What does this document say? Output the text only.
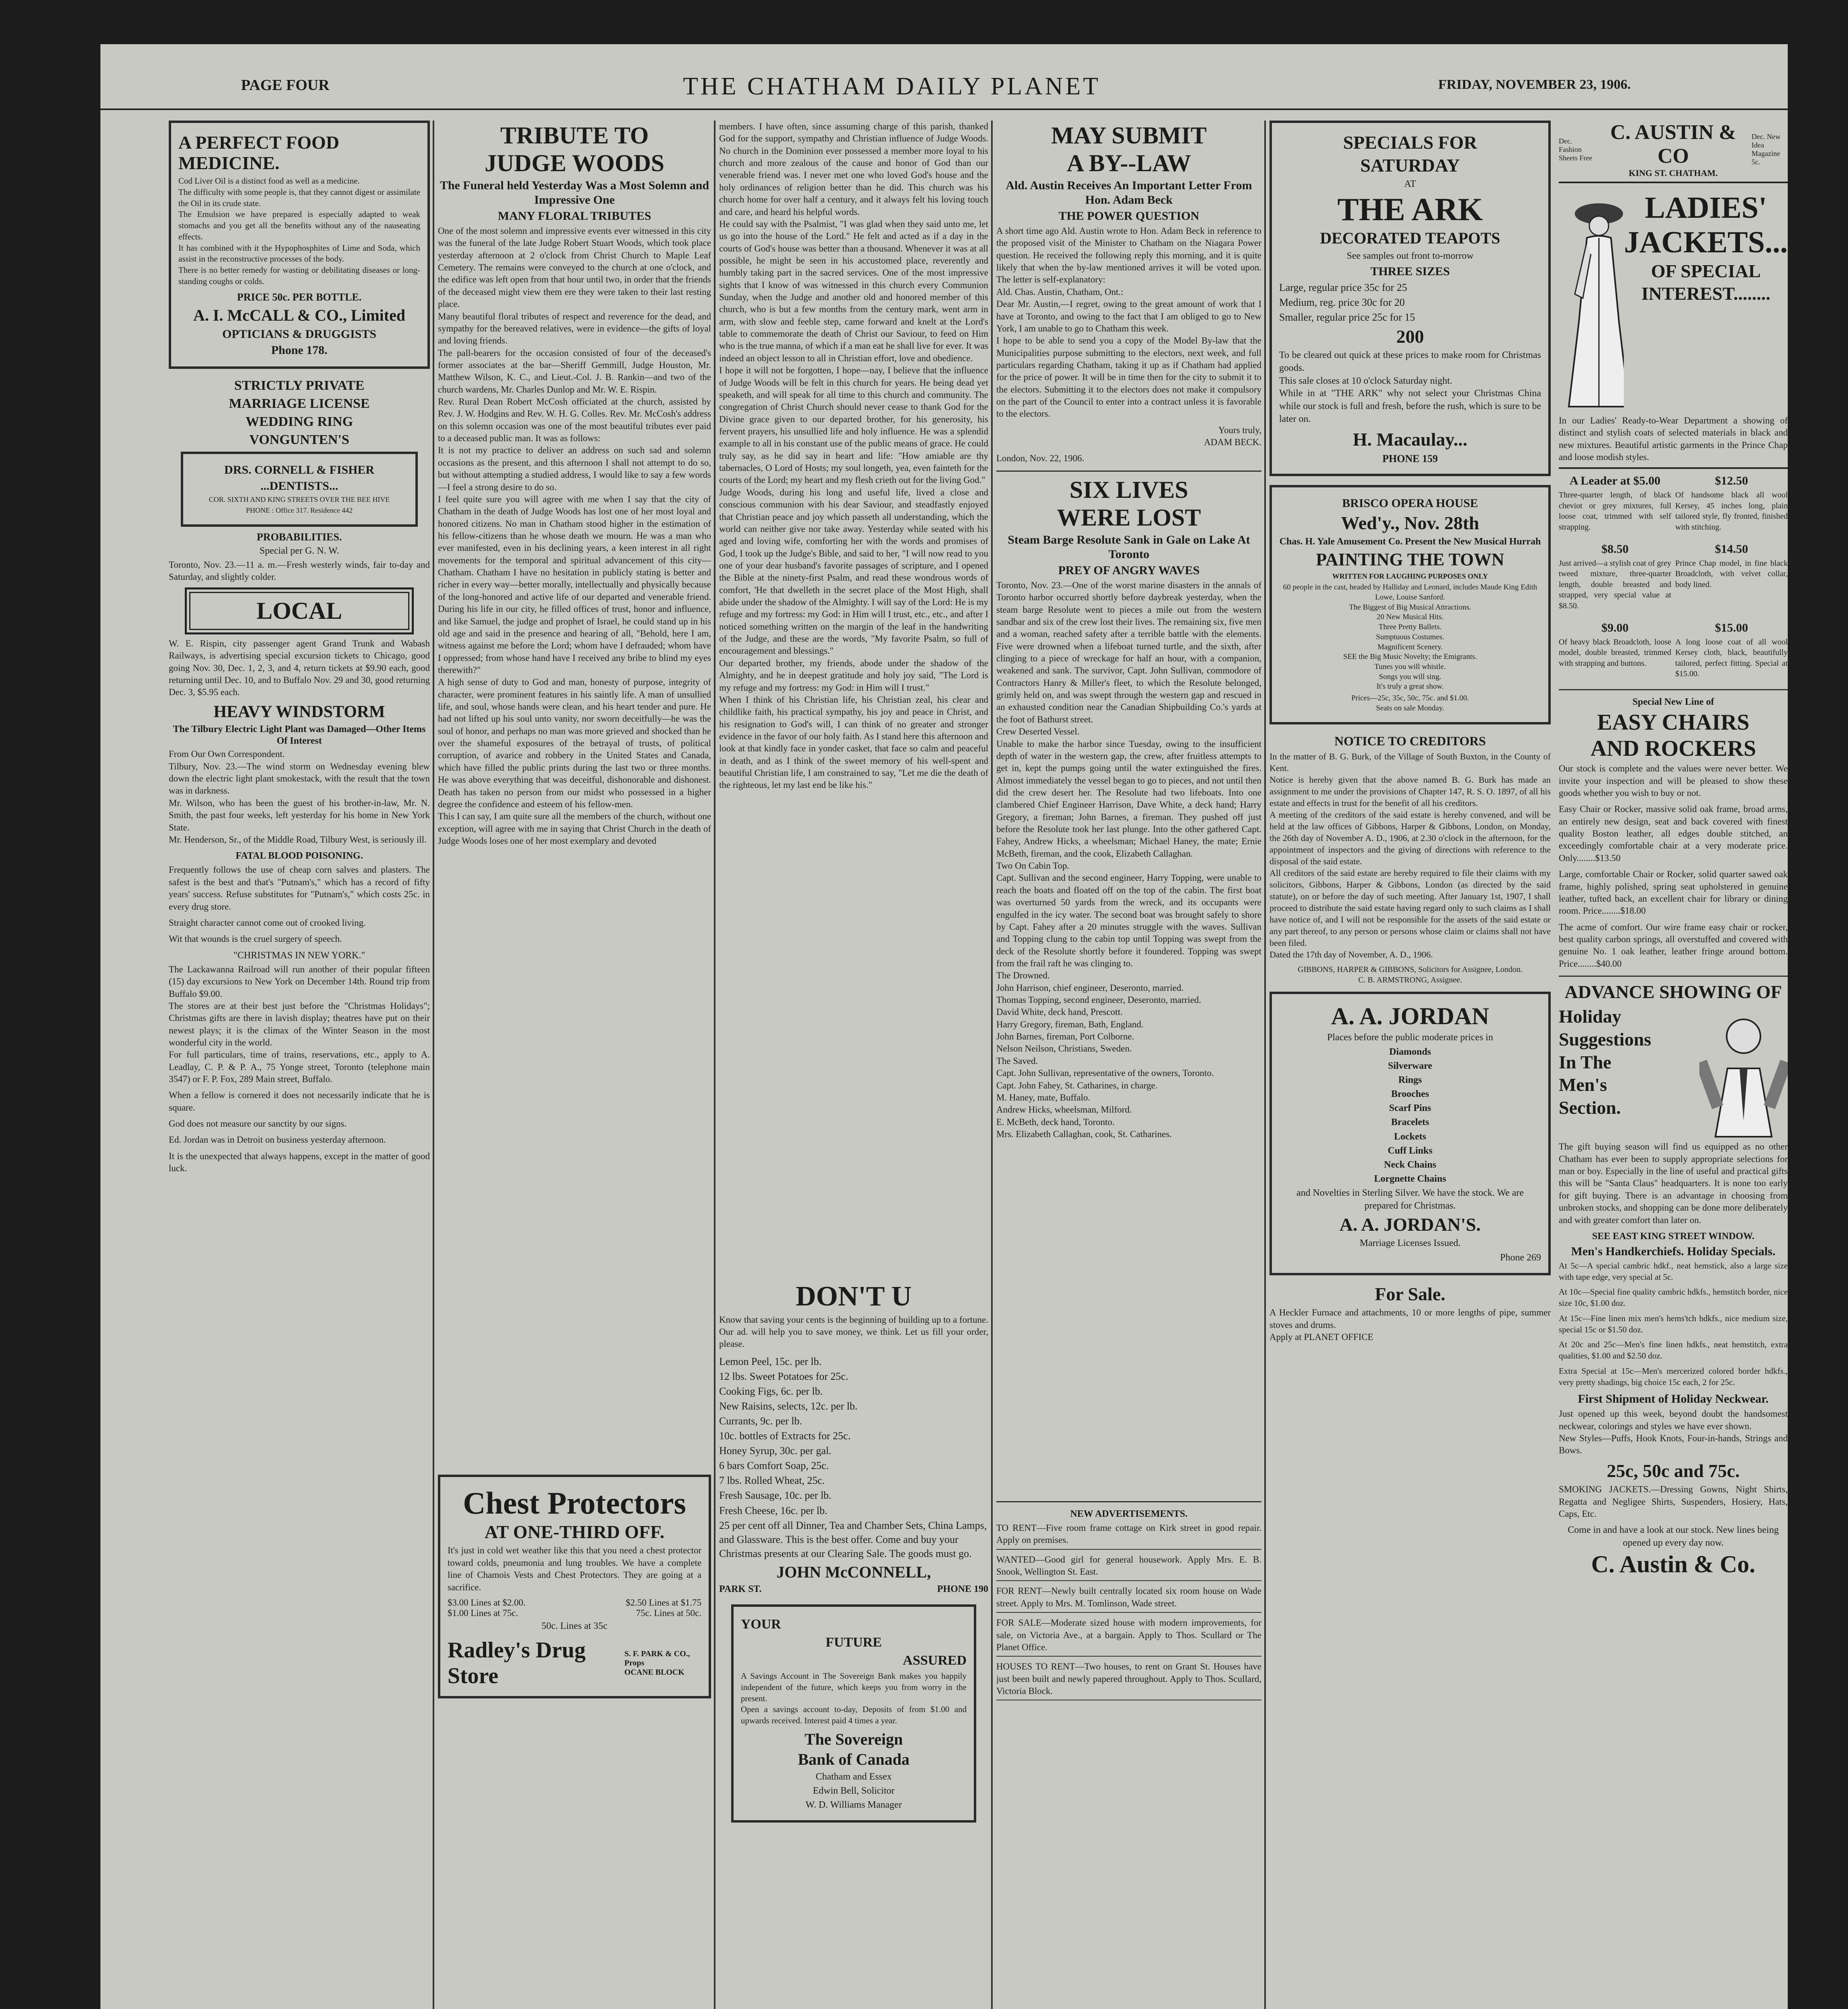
PAGE FOUR	THE CHATHAM DAILY PLANET	FRIDAY, NOVEMBER 23, 1906.
A PERFECT FOOD MEDICINE.
Cod Liver Oil is a distinct food as well as a medicine.
The difficulty with some people is, that they cannot digest or assimilate the Oil in its crude state.
The Emulsion we have prepared is especially adapted to weak stomachs and you get all the benefits without any of the nauseating effects.
It has combined with it the Hypophosphites of Lime and Soda, which assist in the reconstructive processes of the body.
There is no better remedy for wasting or debilitating diseases or long-standing coughs or colds.
PRICE 50c. PER BOTTLE.
A. I. McCALL & CO., Limited
OPTICIANS & DRUGGISTS
Phone 178.
STRICTLY PRIVATE
MARRIAGE LICENSE
WEDDING RING
VONGUNTEN'S
DRS. CORNELL & FISHER
...DENTISTS...
COR. SIXTH AND KING STREETS OVER THE BEE HIVE
PHONE : Office 317. Residence 442
PROBABILITIES.
Special per G. N. W.
Toronto, Nov. 23.—11 a. m.—Fresh westerly winds, fair to-day and Saturday, and slightly colder.
LOCAL
W. E. Rispin, city passenger agent Grand Trunk and Wabash Railways, is advertising special excursion tickets to Chicago, good going Nov. 30, Dec. 1, 2, 3, and 4, return tickets at $9.90 each, good returning until Dec. 10, and to Buffalo Nov. 29 and 30, good returning Dec. 3, $5.95 each.
HEAVY WINDSTORM
The Tilbury Electric Light Plant was Damaged—Other Items Of Interest
From Our Own Correspondent.
Tilbury, Nov. 23.—The wind storm on Wednesday evening blew down the electric light plant smokestack, with the result that the town was in darkness.
Mr. Wilson, who has been the guest of his brother-in-law, Mr. N. Smith, the past four weeks, left yesterday for his home in New York State.
Mr. Henderson, Sr., of the Middle Road, Tilbury West, is seriously ill.
FATAL BLOOD POISONING.
Frequently follows the use of cheap corn salves and plasters. The safest is the best and that's "Putnam's," which has a record of fifty years' success. Refuse substitutes for "Putnam's," which costs 25c. in every drug store.
Straight character cannot come out of crooked living.
Wit that wounds is the cruel surgery of speech.
"CHRISTMAS IN NEW YORK."
The Lackawanna Railroad will run another of their popular fifteen (15) day excursions to New York on December 14th. Round trip from Buffalo $9.00.
The stores are at their best just before the "Christmas Holidays"; Christmas gifts are there in lavish display; theatres have put on their newest plays; it is the climax of the Winter Season in the most wonderful city in the world.
For full particulars, time of trains, reservations, etc., apply to A. Leadlay, C. P. & P. A., 75 Yonge street, Toronto (telephone main 3547) or F. P. Fox, 289 Main street, Buffalo.
When a fellow is cornered it does not necessarily indicate that he is square.
God does not measure our sanctity by our signs.
Ed. Jordan was in Detroit on business yesterday afternoon.
It is the unexpected that always happens, except in the matter of good luck.
TRIBUTE TO
JUDGE WOODS
The Funeral held Yesterday Was a Most Solemn and Impressive One
MANY FLORAL TRIBUTES
One of the most solemn and impressive events ever witnessed in this city was the funeral of the late Judge Robert Stuart Woods, which took place yesterday afternoon at 2 o'clock from Christ Church to Maple Leaf Cemetery. The remains were conveyed to the church at one o'clock, and the edifice was left open from that hour until two, in order that the friends of the deceased might view them ere they were taken to their last resting place.
Many beautiful floral tributes of respect and reverence for the dead, and sympathy for the bereaved relatives, were in evidence—the gifts of loyal and loving friends.
The pall-bearers for the occasion consisted of four of the deceased's former associates at the bar—Sheriff Gemmill, Judge Houston, Mr. Matthew Wilson, K. C., and Lieut.-Col. J. B. Rankin—and two of the church wardens, Mr. Charles Dunlop and Mr. W. E. Rispin.
Rev. Rural Dean Robert McCosh officiated at the church, assisted by Rev. J. W. Hodgins and Rev. W. H. G. Colles. Rev. Mr. McCosh's address on this solemn occasion was one of the most beautiful tributes ever paid to a deceased public man. It was as follows:
It is not my practice to deliver an address on such sad and solemn occasions as the present, and this afternoon I shall not attempt to do so, but without attempting a studied address, I would like to say a few words—I feel a strong desire to do so.
I feel quite sure you will agree with me when I say that the city of Chatham in the death of Judge Woods has lost one of her most loyal and honored citizens. No man in Chatham stood higher in the estimation of his fellow-citizens than he whose death we mourn. He was a man who ever manifested, even in his declining years, a keen interest in all right movements for the temporal and spiritual advancement of this city—Chatham. Chatham I have no hesitation in publicly stating is better and richer in every way—better morally, intellectually and physically because of the long-honored and active life of our departed and venerable friend. During his life in our city, he filled offices of trust, honor and influence, and like Samuel, the judge and prophet of Israel, he could stand up in his old age and said in the presence and hearing of all, "Behold, here I am, witness against me before the Lord; whom have I defrauded; whom have I oppressed; from whose hand have I received any bribe to blind my eyes therewith?"
A high sense of duty to God and man, honesty of purpose, integrity of character, were prominent features in his saintly life. A man of unsullied life, and soul, whose hands were clean, and his heart tender and pure. He had not lifted up his soul unto vanity, nor sworn deceitfully—he was the soul of honor, and perhaps no man was more grieved and shocked than he over the shameful exposures of the betrayal of trusts, of political corruption, of avarice and robbery in the United States and Canada, which have filled the public prints during the last two or three months. He was above everything that was deceitful, dishonorable and dishonest. Death has taken no person from our midst who possessed in a higher degree the confidence and esteem of his fellow-men.
This I can say, I am quite sure all the members of the church, without one exception, will agree with me in saying that Christ Church in the death of Judge Woods loses one of her most exemplary and devoted
Chest Protectors
AT ONE-THIRD OFF.
It's just in cold wet weather like this that you need a chest protector toward colds, pneumonia and lung troubles. We have a complete line of Chamois Vests and Chest Protectors. They are going at a sacrifice.
$3.00 Lines at $2.00.	$2.50 Lines at $1.75
$1.00 Lines at 75c.	75c. Lines at 50c.
50c. Lines at 35c
Radley's Drug Store
S. F. PARK & CO., Props
OCANE BLOCK
members. I have often, since assuming charge of this parish, thanked God for the support, sympathy and Christian influence of Judge Woods. No church in the Dominion ever possessed a member more loyal to his church and more zealous of the cause and honor of God than our venerable friend was. I never met one who loved God's house and the holy ordinances of religion better than he did. This church was his church home for over half a century, and it always felt his loving touch and care, and heard his helpful words.
He could say with the Psalmist, "I was glad when they said unto me, let us go into the house of the Lord." He felt and acted as if a day in the courts of God's house was better than a thousand. Whenever it was at all possible, he might be seen in his accustomed place, reverently and humbly taking part in the sacred services. One of the most impressive sights that I know of was witnessed in this church every Communion Sunday, when the Judge and another old and honored member of this church, who is but a few months from the century mark, went arm in arm, with slow and feeble step, came forward and knelt at the Lord's table to commemorate the death of Christ our Saviour, to feed on Him who is the true manna, of which if a man eat he shall live for ever. It was indeed an object lesson to all in Christian effort, love and obedience.
I hope it will not be forgotten, I hope—nay, I believe that the influence of Judge Woods will be felt in this church for years. He being dead yet speaketh, and will speak for all time to this church and community. The congregation of Christ Church should never cease to thank God for the Divine grace given to our departed brother, for his generosity, his fervent prayers, his unsullied life and holy influence. He was a splendid example to all in his constant use of the public means of grace. He could truly say, as he did say in heart and life: "How amiable are thy tabernacles, O Lord of Hosts; my soul longeth, yea, even fainteth for the courts of the Lord; my heart and my flesh crieth out for the living God."
Judge Woods, during his long and useful life, lived a close and conscious communion with his dear Saviour, and steadfastly enjoyed that Christian peace and joy which passeth all understanding, which the world can neither give nor take away. Yesterday while seated with his aged and loving wife, comforting her with the words and promises of God, I took up the Judge's Bible, and said to her, "I will now read to you one of your dear husband's favorite passages of scripture, and I opened the Bible at the ninety-first Psalm, and read these wondrous words of comfort, 'He that dwelleth in the secret place of the Most High, shall abide under the shadow of the Almighty. I will say of the Lord: He is my refuge and my fortress: my God: in Him will I trust, etc., etc., and after I noticed something written on the margin of the leaf in the handwriting of the Judge, and these are the words, "My favorite Psalm, so full of encouragement and blessings."
Our departed brother, my friends, abode under the shadow of the Almighty, and he in deepest gratitude and holy joy said, "The Lord is my refuge and my fortress: my God: in Him will I trust."
When I think of his Christian life, his Christian zeal, his clear and childlike faith, his practical sympathy, his joy and peace in Christ, and his resignation to God's will, I can think of no greater and stronger evidence in the favor of our holy faith. As I stand here this afternoon and look at that kindly face in yonder casket, that face so calm and peaceful in death, and as I think of the sweet memory of his well-spent and beautiful Christian life, I am constrained to say, "Let me die the death of the righteous, let my last end be like his."
DON'T U
Know that saving your cents is the beginning of building up to a fortune. Our ad. will help you to save money, we think. Let us fill your order, please.
Lemon Peel, 15c. per lb.
12 lbs. Sweet Potatoes for 25c.
Cooking Figs, 6c. per lb.
New Raisins, selects, 12c. per lb.
Currants, 9c. per lb.
10c. bottles of Extracts for 25c.
Honey Syrup, 30c. per gal.
6 bars Comfort Soap, 25c.
7 lbs. Rolled Wheat, 25c.
Fresh Sausage, 10c. per lb.
Fresh Cheese, 16c. per lb.
25 per cent off all Dinner, Tea and Chamber Sets, China Lamps, and Glassware. This is the best offer. Come and buy your Christmas presents at our Clearing Sale. The goods must go.
JOHN McCONNELL,
PARK ST.	PHONE 190
YOUR
FUTURE
ASSURED
A Savings Account in The Sovereign Bank makes you happily independent of the future, which keeps you from worry in the present.
Open a savings account to-day, Deposits of from $1.00 and upwards received. Interest paid 4 times a year.
The Sovereign
Bank of Canada
Chatham and Essex
Edwin Bell, Solicitor
W. D. Williams Manager
MAY SUBMIT
A BY--LAW
Ald. Austin Receives An Important Letter From Hon. Adam Beck
THE POWER QUESTION
A short time ago Ald. Austin wrote to Hon. Adam Beck in reference to the proposed visit of the Minister to Chatham on the Niagara Power question. He received the following reply this morning, and it is quite likely that when the by-law mentioned arrives it will be voted upon. The letter is self-explanatory:
Ald. Chas. Austin, Chatham, Ont.:
Dear Mr. Austin,—I regret, owing to the great amount of work that I have at Toronto, and owing to the fact that I am obliged to go to New York, I am unable to go to Chatham this week.
I hope to be able to send you a copy of the Model By-law that the Municipalities purpose submitting to the electors, next week, and full particulars regarding Chatham, taking it up as if Chatham had applied for the price of power. It will be in time then for the city to submit it to the electors. Submitting it to the electors does not make it compulsory on the part of the Council to enter into a contract unless it is favorable to the electors.
Yours truly,
ADAM BECK.
London, Nov. 22, 1906.
SIX LIVES
WERE LOST
Steam Barge Resolute Sank in Gale on Lake At Toronto
PREY OF ANGRY WAVES
Toronto, Nov. 23.—One of the worst marine disasters in the annals of Toronto harbor occurred shortly before daybreak yesterday, when the steam barge Resolute went to pieces a mile out from the western sandbar and six of the crew lost their lives. The remaining six, five men and a woman, reached safety after a terrible battle with the elements. Five were drowned when a lifeboat turned turtle, and the sixth, after clinging to a piece of wreckage for half an hour, with a companion, weakened and sank. The survivor, Capt. John Sullivan, commodore of Contractors Hanry & Miller's fleet, to which the Resolute belonged, grimly held on, and was swept through the western gap and rescued in an exhausted condition near the Canadian Shipbuilding Co.'s yards at the foot of Bathurst street.
Crew Deserted Vessel.
Unable to make the harbor since Tuesday, owing to the insufficient depth of water in the western gap, the crew, after fruitless attempts to get in, kept the pumps going until the water extinguished the fires. Almost immediately the vessel began to go to pieces, and not until then did the crew desert her. The Resolute had two lifeboats. Into one clambered Chief Engineer Harrison, Dave White, a deck hand; Harry Gregory, a fireman; John Barnes, a fireman. They pushed off just before the Resolute took her last plunge. Into the other gathered Capt. Fahey, Andrew Hicks, a wheelsman; Michael Haney, the mate; Ernie McBeth, fireman, and the cook, Elizabeth Callaghan.
Two On Cabin Top.
Capt. Sullivan and the second engineer, Harry Topping, were unable to reach the boats and floated off on the top of the cabin. The first boat was overturned 50 yards from the wreck, and its occupants were engulfed in the icy water. The second boat was brought safely to shore by Capt. Fahey after a 20 minutes struggle with the waves. Sullivan and Topping clung to the cabin top until Topping was swept from the deck of the Resolute shortly before it foundered. Topping was swept from the frail raft he was clinging to.
The Drowned.
John Harrison, chief engineer, Deseronto, married.
Thomas Topping, second engineer, Deseronto, married.
David White, deck hand, Prescott.
Harry Gregory, fireman, Bath, England.
John Barnes, fireman, Port Colborne.
Nelson Neilson, Christians, Sweden.
The Saved.
Capt. John Sullivan, representative of the owners, Toronto.
Capt. John Fahey, St. Catharines, in charge.
M. Haney, mate, Buffalo.
Andrew Hicks, wheelsman, Milford.
E. McBeth, deck hand, Toronto.
Mrs. Elizabeth Callaghan, cook, St. Catharines.
NEW ADVERTISEMENTS.
TO RENT—Five room frame cottage on Kirk street in good repair. Apply on premises.
WANTED—Good girl for general housework. Apply Mrs. E. B. Snook, Wellington St. East.
FOR RENT—Newly built centrally located six room house on Wade street. Apply to Mrs. M. Tomlinson, Wade street.
FOR SALE—Moderate sized house with modern improvements, for sale, on Victoria Ave., at a bargain. Apply to Thos. Scullard or The Planet Office.
HOUSES TO RENT—Two houses, to rent on Grant St. Houses have just been built and newly papered throughout. Apply to Thos. Scullard, Victoria Block.
SPECIALS FOR
SATURDAY
AT
THE ARK
DECORATED TEAPOTS
See samples out front to-morrow
THREE SIZES
Large, regular price 35c for 25
Medium, reg. price 30c for 20
Smaller, regular price 25c for 15
200
To be cleared out quick at these prices to make room for Christmas goods.
This sale closes at 10 o'clock Saturday night.
While in at "THE ARK" why not select your Christmas China while our stock is full and fresh, before the rush, which is sure to be later on.
H. Macaulay...
PHONE 159
BRISCO OPERA HOUSE
Wed'y., Nov. 28th
Chas. H. Yale Amusement Co. Present the New Musical Hurrah
PAINTING THE TOWN
WRITTEN FOR LAUGHING PURPOSES ONLY
60 people in the cast, headed by Halliday and Leonard, includes Maude King Edith Lowe, Louise Sanford.
The Biggest of Big Musical Attractions.
20 New Musical Hits.
Three Pretty Ballets.
Sumptuous Costumes.
Magnificent Scenery.
SEE the Big Music Novelty; the Emigrants.
Tunes you will whistle.
Songs you will sing.
It's truly a great show.
Prices—25c, 35c, 50c, 75c. and $1.00.
Seats on sale Monday.
NOTICE TO CREDITORS
In the matter of B. G. Burk, of the Village of South Buxton, in the County of Kent.
Notice is hereby given that the above named B. G. Burk has made an assignment to me under the provisions of Chapter 147, R. S. O. 1897, of all his estate and effects in trust for the benefit of all his creditors.
A meeting of the creditors of the said estate is hereby convened, and will be held at the law offices of Gibbons, Harper & Gibbons, London, on Monday, the 26th day of November A. D., 1906, at 2.30 o'clock in the afternoon, for the appointment of inspectors and the giving of directions with reference to the disposal of the said estate.
All creditors of the said estate are hereby required to file their claims with my solicitors, Gibbons, Harper & Gibbons, London (as directed by the said statute), on or before the day of such meeting. After January 1st, 1907, I shall proceed to distribute the said estate having regard only to such claims as I shall have notice of, and I will not be responsible for the assets of the said estate or any part thereof, to any person or persons whose claim or claims shall not have been filed.
Dated the 17th day of November, A. D., 1906.
GIBBONS, HARPER & GIBBONS, Solicitors for Assignee, London.
C. B. ARMSTRONG, Assignee.
A. A. JORDAN
Places before the public moderate prices in
Diamonds
Silverware
Rings
Brooches
Scarf Pins
Bracelets
Lockets
Cuff Links
Neck Chains
Lorgnette Chains
and Novelties in Sterling Silver. We have the stock. We are prepared for Christmas.
A. A. JORDAN'S.
Marriage Licenses Issued.
Phone 269
For Sale.
A Heckler Furnace and attachments, 10 or more lengths of pipe, summer stoves and drums.
Apply at PLANET OFFICE
Dec. Fashion Sheets Free
C. AUSTIN & CO
KING ST. CHATHAM.
Dec. New Idea Magazine 5c.
LADIES'
JACKETS...
OF SPECIAL
INTEREST........
In our Ladies' Ready-to-Wear Department a showing of distinct and stylish coats of selected materials in black and new mixtures. Beautiful artistic garments in the Prince Chap and loose modish styles.
A Leader at $5.00
Three-quarter length, of black cheviot or grey mixtures, full loose coat, trimmed with self strapping.
$12.50
Of handsome black all wool Kersey, 45 inches long, plain tailored style, fly fronted, finished with stitching.
$8.50
Just arrived—a stylish coat of grey tweed mixture, three-quarter length, double breasted and strapped, very special value at $8.50.
$14.50
Prince Chap model, in fine black Broadcloth, with velvet collar, body lined.
$9.00
Of heavy black Broadcloth, loose model, double breasted, trimmed with strapping and buttons.
$15.00
A long loose coat of all wool Kersey cloth, black, beautifully tailored, perfect fitting. Special at $15.00.
Special New Line of
EASY CHAIRS
AND ROCKERS
Our stock is complete and the values were never better. We invite your inspection and will be pleased to show these goods whether you wish to buy or not.
Easy Chair or Rocker, massive solid oak frame, broad arms, an entirely new design, seat and back covered with finest quality Boston leather, all edges double stitched, an exceedingly comfortable chair at a very moderate price. Only........$13.50
Large, comfortable Chair or Rocker, solid quarter sawed oak frame, highly polished, spring seat upholstered in genuine leather, tufted back, an excellent chair for library or dining room. Price........$18.00
The acme of comfort. Our wire frame easy chair or rocker, best quality carbon springs, all overstuffed and covered with genuine No. 1 oak leather, leather fringe around bottom. Price........$40.00
ADVANCE SHOWING OF
Holiday
Suggestions
In The
Men's
Section.
The gift buying season will find us equipped as no other Chatham has ever been to supply appropriate selections for man or boy. Especially in the line of useful and practical gifts this will be "Santa Claus" headquarters. It is none too early for gift buying. There is an advantage in choosing from unbroken stocks, and shopping can be done more deliberately and with greater comfort than later on.
SEE EAST KING STREET WINDOW.
Men's Handkerchiefs. Holiday Specials.
At 5c—A special cambric hdkf., neat hemstick, also a large size with tape edge, very special at 5c.
At 10c—Special fine quality cambric hdkfs., hemstitch border, nice size 10c, $1.00 doz.
At 15c—Fine linen mix men's hems'tch hdkfs., nice medium size, special 15c or $1.50 doz.
At 20c and 25c—Men's fine linen hdkfs., neat hemstitch, extra qualities, $1.00 and $2.50 doz.
Extra Special at 15c—Men's mercerized colored border hdkfs., very pretty shadings, big choice 15c each, 2 for 25c.
First Shipment of Holiday Neckwear.
Just opened up this week, beyond doubt the handsomest neckwear, colorings and styles we have ever shown.
New Styles—Puffs, Hook Knots, Four-in-hands, Strings and Bows.
25c, 50c and 75c.
SMOKING JACKETS.—Dressing Gowns, Night Shirts, Regatta and Negligee Shirts, Suspenders, Hosiery, Hats, Caps, Etc.
Come in and have a look at our stock. New lines being opened up every day now.
C. Austin & Co.
